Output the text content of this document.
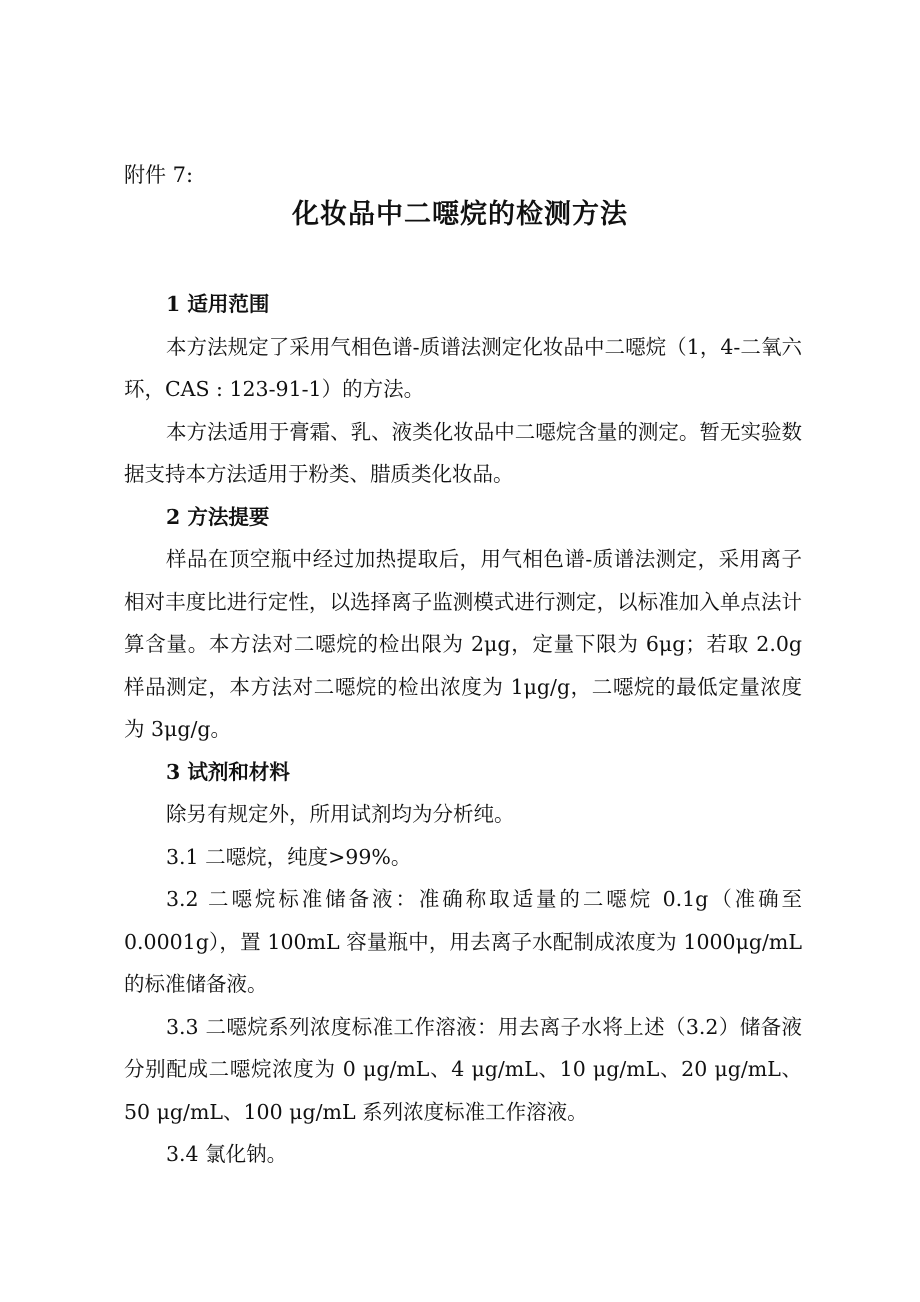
附件 7:
化妆品中二噁烷的检测方法
1 适用范围

本方法规定了采用气相色谱-质谱法测定化妆品中二噁烷（1，4-二氧六环，CAS : 123-91-1）的方法。

本方法适用于膏霜、乳、液类化妆品中二噁烷含量的测定。暂无实验数据支持本方法适用于粉类、腊质类化妆品。

2 方法提要

样品在顶空瓶中经过加热提取后，用气相色谱-质谱法测定，采用离子相对丰度比进行定性，以选择离子监测模式进行测定，以标准加入单点法计算含量。本方法对二噁烷的检出限为 2μg，定量下限为 6μg；若取 2.0g 样品测定，本方法对二噁烷的检出浓度为 1μg/g，二噁烷的最低定量浓度为 3μg/g。

3 试剂和材料

除另有规定外，所用试剂均为分析纯。

3.1 二噁烷，纯度>99%。

3.2 二噁烷标准储备液：准确称取适量的二噁烷 0.1g（准确至 0.0001g），置 100mL 容量瓶中，用去离子水配制成浓度为 1000μg/mL 的标准储备液。

3.3 二噁烷系列浓度标准工作溶液：用去离子水将上述（3.2）储备液分别配成二噁烷浓度为 0 μg/mL、4 μg/mL、10 μg/mL、20 μg/mL、50 μg/mL、100 μg/mL 系列浓度标准工作溶液。

3.4 氯化钠。
